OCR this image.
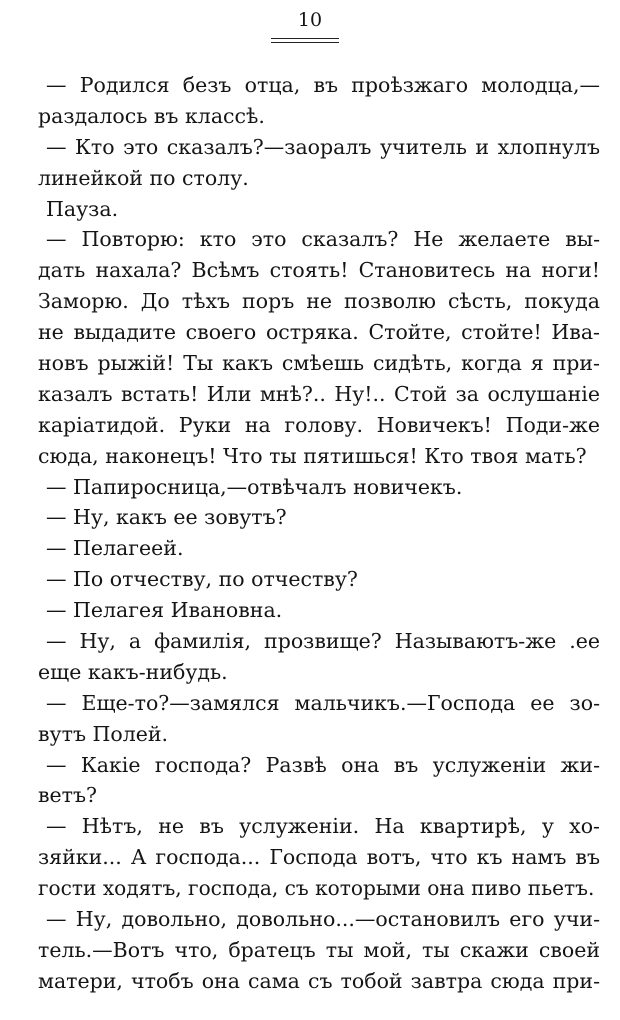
10
— Родился безъ отца, въ проѣзжаго молодца,—
раздалось въ классѣ.
— Кто это сказалъ?—заоралъ учитель и хлопнулъ
линейкой по столу.
Пауза.
— Повторю: кто это сказалъ? Не желаете вы-
дать нахала? Всѣмъ стоять! Становитесь на ноги!
Заморю. До тѣхъ поръ не позволю сѣсть, покуда
не выдадите своего остряка. Стойте, стойте! Ива-
новъ рыжій! Ты какъ смѣешь сидѣть, когда я при-
казалъ встать! Или мнѣ?.. Ну!.. Стой за ослушаніе
каріатидой. Руки на голову. Новичекъ! Поди-же
сюда, наконецъ! Что ты пятишься! Кто твоя мать?
— Папиросница,—отвѣчалъ новичекъ.
— Ну, какъ ее зовутъ?
— Пелагеей.
— По отчеству, по отчеству?
— Пелагея Ивановна.
— Ну, а фамилія, прозвище? Называютъ-же .ее
еще какъ-нибудь.
— Еще-то?—замялся мальчикъ.—Господа ее зо-
вутъ Полей.
— Какіе господа? Развѣ она въ услуженіи жи-
ветъ?
— Нѣтъ, не въ услуженіи. На квартирѣ, у хо-
зяйки... А господа... Господа вотъ, что къ намъ въ
гости ходятъ, господа, съ которыми она пиво пьетъ.
— Ну, довольно, довольно...—остановилъ его учи-
тель.—Вотъ что, братецъ ты мой, ты скажи своей
матери, чтобъ она сама съ тобой завтра сюда при-
